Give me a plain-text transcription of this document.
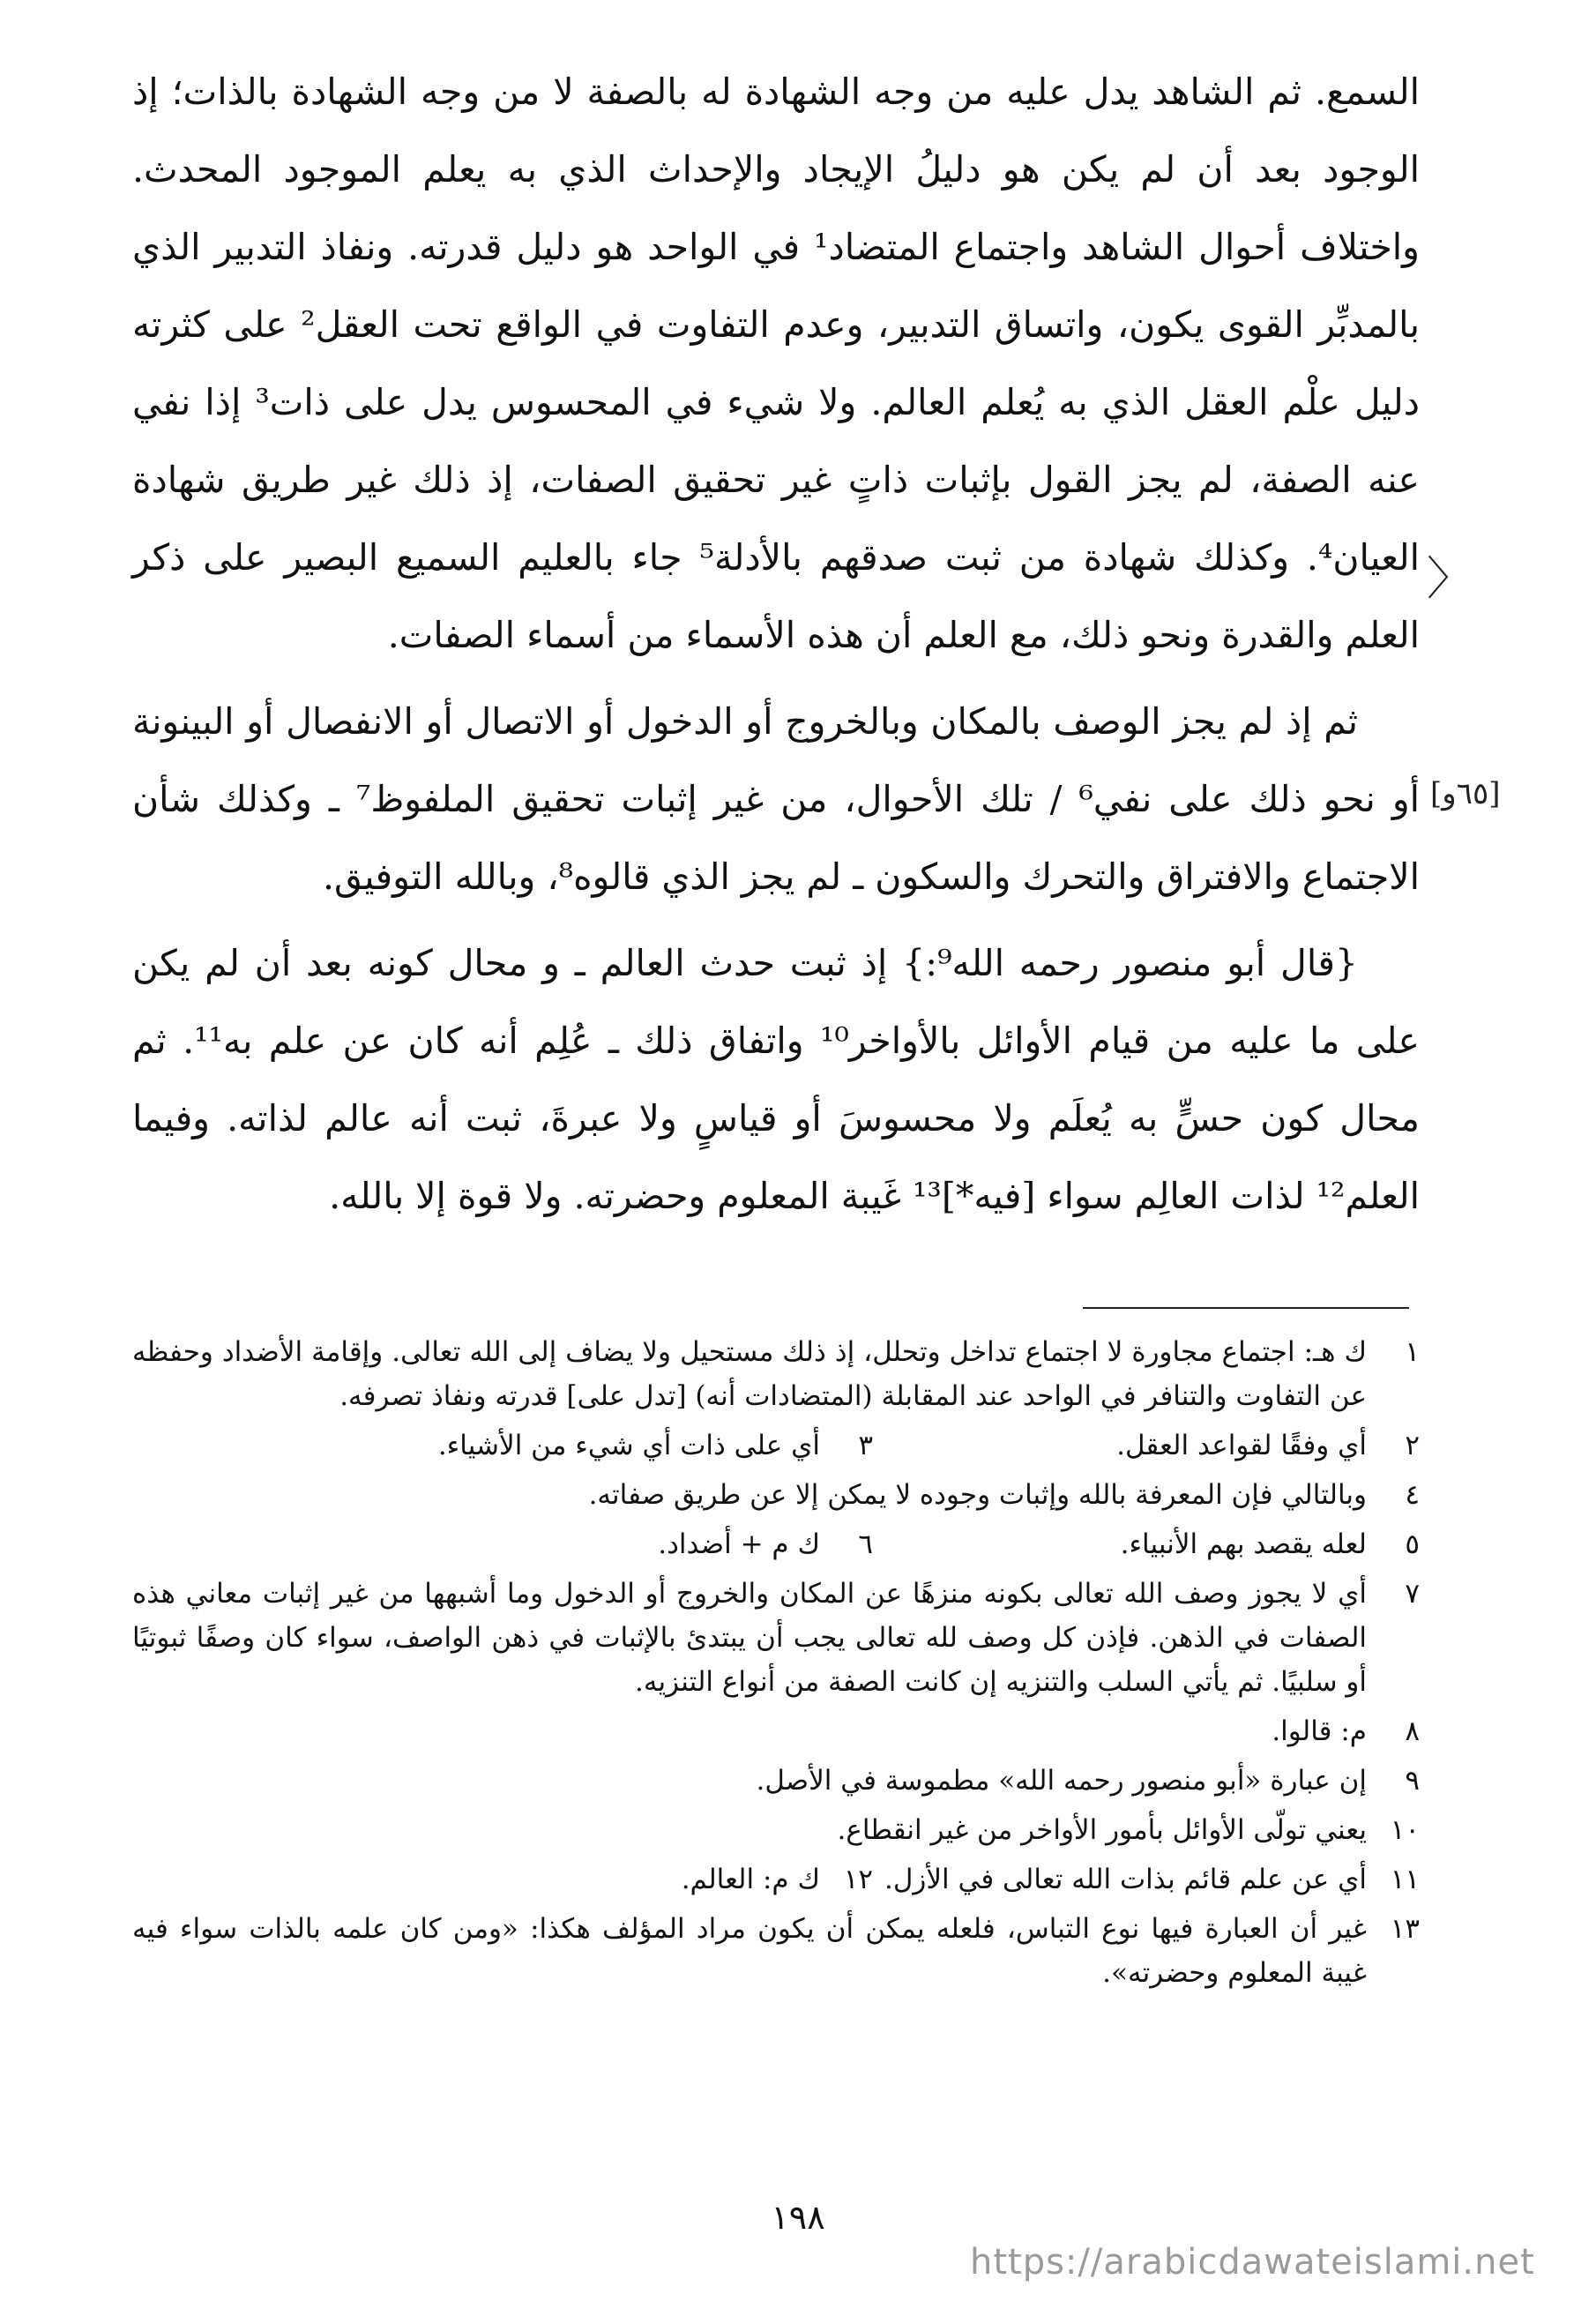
السمع. ثم الشاهد يدل عليه من وجه الشهادة له بالصفة لا من وجه الشهادة بالذات؛ إذ الوجود بعد أن لم يكن هو دليلُ الإيجاد والإحداث الذي به يعلم الموجود المحدث. واختلاف أحوال الشاهد واجتماع المتضاد¹ في الواحد هو دليل قدرته. ونفاذ التدبير الذي بالمدبِّر القوى يكون، واتساق التدبير، وعدم التفاوت في الواقع تحت العقل² على كثرته دليل علْم العقل الذي به يُعلم العالم. ولا شيء في المحسوس يدل على ذات³ إذا نفي عنه الصفة، لم يجز القول بإثبات ذاتٍ غير تحقيق الصفات، إذ ذلك غير طريق شهادة العيان⁴. وكذلك شهادة من ثبت صدقهم بالأدلة⁵ جاء بالعليم السميع البصير على ذكر العلم والقدرة ونحو ذلك، مع العلم أن هذه الأسماء من أسماء الصفات.

ثم إذ لم يجز الوصف بالمكان وبالخروج أو الدخول أو الاتصال أو الانفصال أو البينونة أو نحو ذلك على نفي⁶ / تلك الأحوال، من غير إثبات تحقيق الملفوظ⁷ ـ وكذلك شأن الاجتماع والافتراق والتحرك والسكون ـ لم يجز الذي قالوه⁸، وبالله التوفيق.

{قال أبو منصور رحمه الله⁹:} إذ ثبت حدث العالم ـ و محال كونه بعد أن لم يكن على ما عليه من قيام الأوائل بالأواخر¹⁰ واتفاق ذلك ـ عُلِم أنه كان عن علم به¹¹. ثم محال كون حسٍّ به يُعلَم ولا محسوسَ أو قياسٍ ولا عبرةَ، ثبت أنه عالم لذاته. وفيما العلم¹² لذات العالِم سواء [فيه*]¹³ غَيبة المعلوم وحضرته. ولا قوة إلا بالله.

〉
[٦٥و]
١
ك هـ: اجتماع مجاورة لا اجتماع تداخل وتحلل، إذ ذلك مستحيل ولا يضاف إلى الله تعالى. وإقامة الأضداد وحفظه عن التفاوت والتنافر في الواحد عند المقابلة (المتضادات أنه) [تدل على] قدرته ونفاذ تصرفه.
٢
أي وفقًا لقواعد العقل.
٣
أي على ذات أي شيء من الأشياء.
٤
وبالتالي فإن المعرفة بالله وإثبات وجوده لا يمكن إلا عن طريق صفاته.
٥
لعله يقصد بهم الأنبياء.
٦
ك م + أضداد.
٧
أي لا يجوز وصف الله تعالى بكونه منزهًا عن المكان والخروج أو الدخول وما أشبهها من غير إثبات معاني هذه الصفات في الذهن. فإذن كل وصف لله تعالى يجب أن يبتدئ بالإثبات في ذهن الواصف، سواء كان وصفًا ثبوتيًا أو سلبيًا. ثم يأتي السلب والتنزيه إن كانت الصفة من أنواع التنزيه.
٨
م: قالوا.
٩
إن عبارة «أبو منصور رحمه الله» مطموسة في الأصل.
١٠
يعني تولّى الأوائل بأمور الأواخر من غير انقطاع.
١١
أي عن علم قائم بذات الله تعالى في الأزل.
١٢
ك م: العالم.
١٣
غير أن العبارة فيها نوع التباس، فلعله يمكن أن يكون مراد المؤلف هكذا: «ومن كان علمه بالذات سواء فيه غيبة المعلوم وحضرته».
١٩٨
https://arabicdawateislami.net
